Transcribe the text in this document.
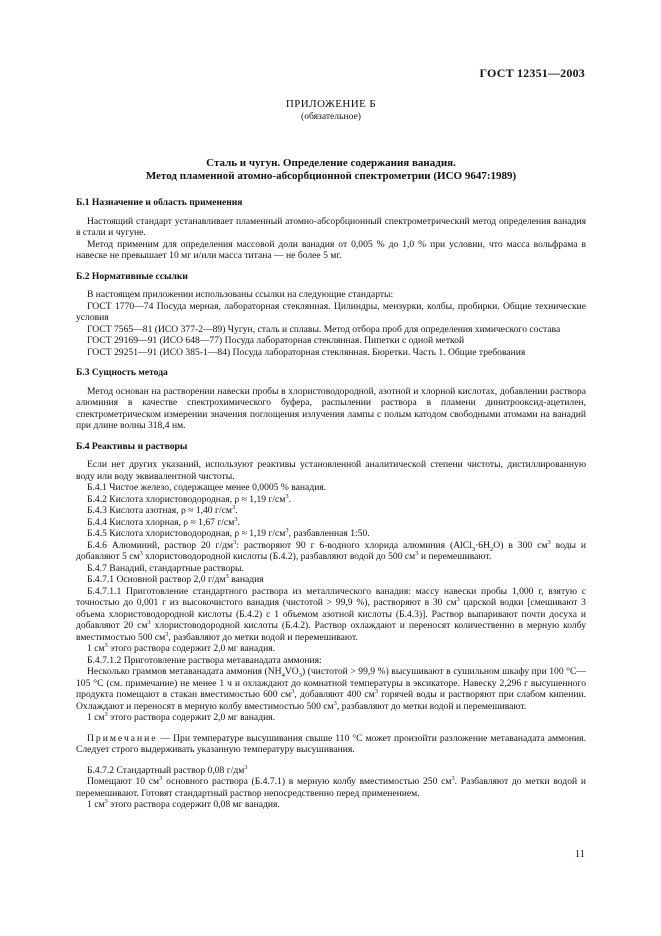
ГОСТ 12351—2003
ПРИЛОЖЕНИЕ Б
(обязательное)
Сталь и чугун. Определение содержания ванадия.
Метод пламенной атомно-абсорбционной спектрометрии (ИСО 9647:1989)
Б.1 Назначение и область применения

Настоящий стандарт устанавливает пламенный атомно-абсорбционный спектрометрический метод определения ванадия в стали и чугуне.

Метод применим для определения массовой доли ванадия от 0,005 % до 1,0 % при условии, что масса вольфрама в навеске не превышает 10 мг и/или масса титана — не более 5 мг.

Б.2 Нормативные ссылки

В настоящем приложении использованы ссылки на следующие стандарты:

ГОСТ 1770—74 Посуда мерная, лабораторная стеклянная. Цилиндры, мензурки, колбы, пробирки. Общие технические условия

ГОСТ 7565—81 (ИСО 377-2—89) Чугун, сталь и сплавы. Метод отбора проб для определения химического состава

ГОСТ 29169—91 (ИСО 648—77) Посуда лабораторная стеклянная. Пипетки с одной меткой

ГОСТ 29251—91 (ИСО 385-1—84) Посуда лабораторная стеклянная. Бюретки. Часть 1. Общие требования

Б.3 Сущность метода

Метод основан на растворении навески пробы в хлористоводородной, азотной и хлорной кислотах, добавлении раствора алюминия в качестве спектрохимического буфера, распылении раствора в пламени динитрооксид-ацетилен, спектрометрическом измерении значения поглощения излучения лампы с полым катодом свободными атомами на ванадий при длине волны 318,4 нм.

Б.4 Реактивы и растворы

Если нет других указаний, используют реактивы установленной аналитической степени чистоты, дистиллированную воду или воду эквивалентной чистоты.

Б.4.1 Чистое железо, содержащее менее 0,0005 % ванадия.

Б.4.2 Кислота хлористоводородная, ρ ≈ 1,19 $г/см^3$.

Б.4.3 Кислота азотная, ρ ≈ 1,40 $г/см^3$.

Б.4.4 Кислота хлорная, ρ ≈ 1,67 $г/см^3$.

Б.4.5 Кислота хлористоводородная, ρ ≈ 1,19 $г/см^3$, разбавленная 1:50.

Б.4.6 Алюминий, раствор 20 $г/дм^3$: растворяют 90 г 6-водного хлорида алюминия $(AlCl_3\cdot 6H_2O)$ в 300 $см^3$ воды и добавляют 5 $см^3$ хлористоводородной кислоты (Б.4.2), разбавляют водой до 500 $см^3$ и перемешивают.

Б.4.7 Ванадий, стандартные растворы.

Б.4.7.1 Основной раствор 2,0 $г/дм^3$ ванадия

Б.4.7.1.1 Приготовление стандартного раствора из металлического ванадия: массу навески пробы 1,000 г, взятую с точностью до 0,001 г из высокочистого ванадия (чистотой > 99,9 %), растворяют в 30 $см^3$ царской водки [смешивают 3 объема хлористоводородной кислоты (Б.4.2) с 1 объемом азотной кислоты (Б.4.3)]. Раствор выпаривают почти досуха и добавляют 20 $см^3$ хлористоводородной кислоты (Б.4.2). Раствор охлаждают и переносят количественно в мерную колбу вместимостью 500 $см^3$, разбавляют до метки водой и перемешивают.

1 $см^3$ этого раствора содержит 2,0 мг ванадия.

Б.4.7.1.2 Приготовление раствора метаванадата аммония:

Несколько граммов метаванадата аммония $(NH_4VO_3)$ (чистотой > 99,9 %) высушивают в сушильном шкафу при 100 °C—105 °C (см. примечание) не менее 1 ч и охлаждают до комнатной температуры в эксикаторе. Навеску 2,296 г высушенного продукта помещают в стакан вместимостью 600 $см^3$, добавляют 400 $см^3$ горячей воды и растворяют при слабом кипении. Охлаждают и переносят в мерную колбу вместимостью 500 $см^3$, разбавляют до метки водой и перемешивают.

1 $см^3$ этого раствора содержит 2,0 мг ванадия.

Примечание — При температуре высушивания свыше 110 °C может произойти разложение метаванадата аммония. Следует строго выдерживать указанную температуру высушивания.

Б.4.7.2 Стандартный раствор 0,08 $г/дм^3$

Помещают 10 $см^3$ основного раствора (Б.4.7.1) в мерную колбу вместимостью 250 $см^3$. Разбавляют до метки водой и перемешивают. Готовят стандартный раствор непосредственно перед применением.

1 $см^3$ этого раствора содержит 0,08 мг ванадия.

11
